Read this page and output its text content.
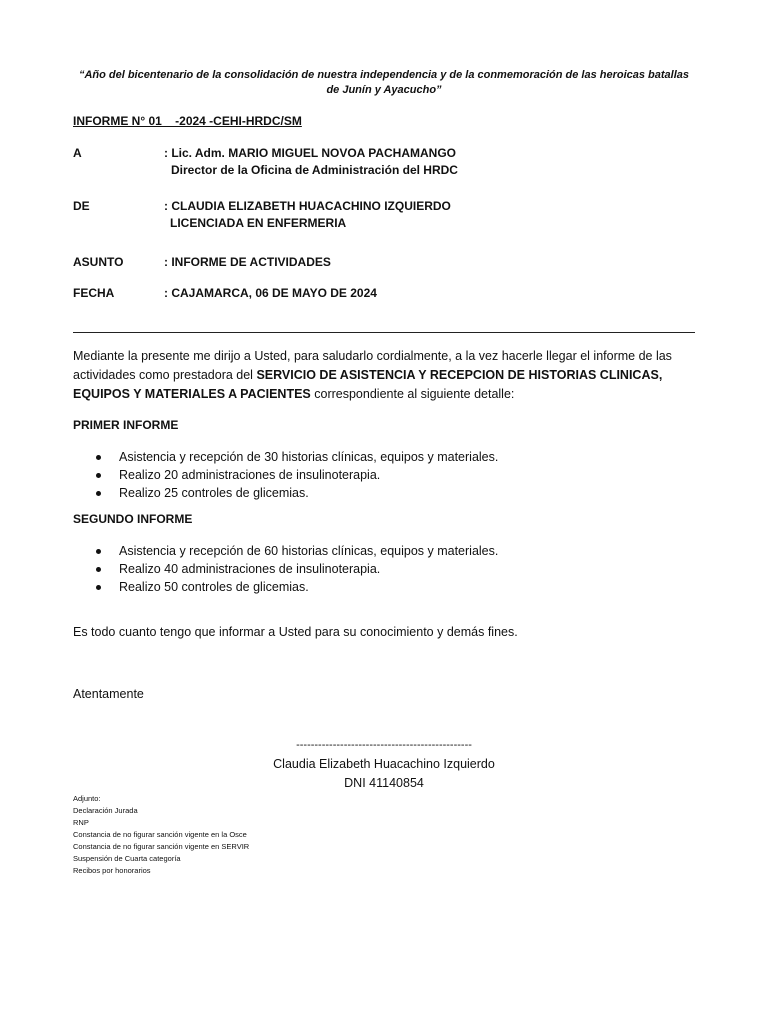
“Año del bicentenario de la consolidación de nuestra independencia y de la conmemoración de las heroicas batallas
de Junín y Ayacucho”
INFORME N° 01    -2024 -CEHI-HRDC/SM
A	: Lic. Adm. MARIO MIGUEL NOVOA PACHAMANGO
Director de la Oficina de Administración del HRDC
DE	: CLAUDIA ELIZABETH HUACACHINO IZQUIERDO
LICENCIADA EN ENFERMERIA
ASUNTO	: INFORME DE ACTIVIDADES
FECHA	: CAJAMARCA, 06 DE MAYO DE 2024
Mediante la presente me dirijo a Usted, para saludarlo cordialmente, a la vez hacerle llegar el informe de las actividades como prestadora del SERVICIO DE ASISTENCIA Y RECEPCION DE HISTORIAS CLINICAS, EQUIPOS Y MATERIALES A PACIENTES correspondiente al siguiente detalle:
PRIMER INFORME
Asistencia y recepción de 30 historias clínicas, equipos y materiales.
Realizo 20 administraciones de insulinoterapia.
Realizo 25 controles de glicemias.
SEGUNDO INFORME
Asistencia y recepción de 60 historias clínicas, equipos y materiales.
Realizo 40 administraciones de insulinoterapia.
Realizo 50 controles de glicemias.
Es todo cuanto tengo que informar a Usted para su conocimiento y demás fines.
Atentamente
------------------------------------------------
Claudia Elizabeth Huacachino Izquierdo
DNI 41140854
Adjunto:
Declaración Jurada
RNP
Constancia de no figurar sanción vigente en la Osce
Constancia de no figurar sanción vigente en SERVIR
Suspensión de Cuarta categoría
Recibos por honorarios
